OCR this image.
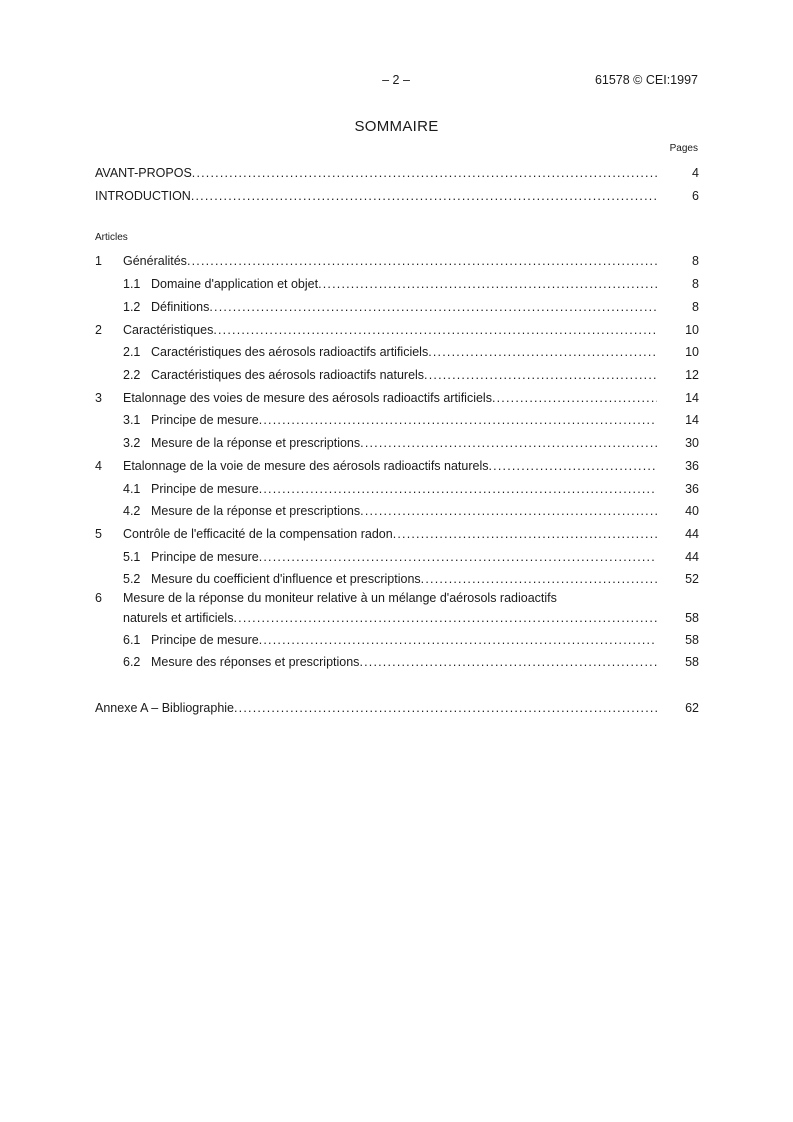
– 2 –	61578 © CEI:1997
SOMMAIRE
Pages
AVANT-PROPOS .....	4
INTRODUCTION .....	6
1	Généralités .....	8
1.1 Domaine d'application et objet .....	8
1.2 Définitions .....	8
2	Caractéristiques .....	10
2.1 Caractéristiques des aérosols radioactifs artificiels .....	10
2.2 Caractéristiques des aérosols radioactifs naturels .....	12
3	Etalonnage des voies de mesure des aérosols radioactifs artificiels .....	14
3.1 Principe de mesure .....	14
3.2 Mesure de la réponse et prescriptions .....	30
4	Etalonnage de la voie de mesure des aérosols radioactifs naturels .....	36
4.1 Principe de mesure .....	36
4.2 Mesure de la réponse et prescriptions .....	40
5	Contrôle de l'efficacité de la compensation radon .....	44
5.1 Principe de mesure .....	44
5.2 Mesure du coefficient d'influence et prescriptions .....	52
6 Mesure de la réponse du moniteur relative à un mélange d'aérosols radioactifs
naturels et artificiels .....	58
6.1 Principe de mesure .....	58
6.2 Mesure des réponses et prescriptions .....	58
Annexe A – Bibliographie .....	62
Articles
